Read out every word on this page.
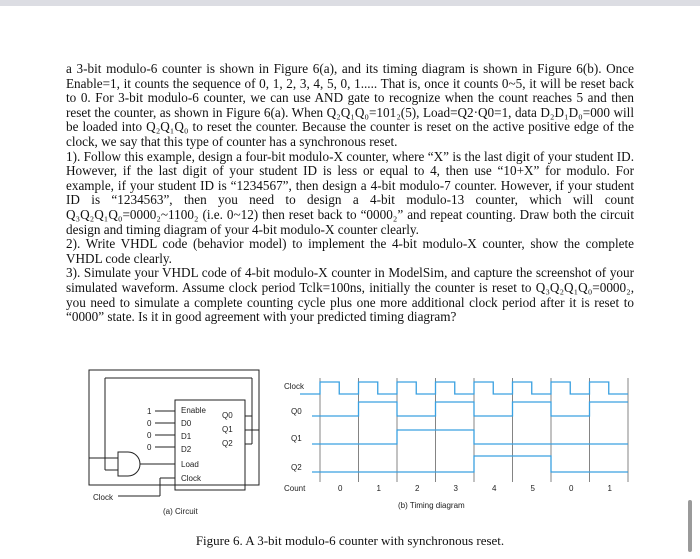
a 3-bit modulo-6 counter is shown in Figure 6(a), and its timing diagram is shown in Figure 6(b). Once Enable=1, it counts the sequence of 0, 1, 2, 3, 4, 5, 0, 1..... That is, once it counts 0~5, it will be reset back to 0. For 3-bit modulo-6 counter, we can use AND gate to recognize when the count reaches 5 and then reset the counter, as shown in Figure 6(a). When Q₂Q₁Q₀=101₂(5), Load=Q2·Q0=1, data D₂D₁D₀=000 will be loaded into Q₂Q₁Q₀ to reset the counter. Because the counter is reset on the active positive edge of the clock, we say that this type of counter has a synchronous reset.

1). Follow this example, design a four-bit modulo-X counter, where “X” is the last digit of your student ID. However, if the last digit of your student ID is less or equal to 4, then use “10+X” for modulo. For example, if your student ID is “1234567”, then design a 4-bit modulo-7 counter. However, if your student ID is “1234563”, then you need to design a 4-bit modulo-13 counter, which will count Q₃Q₂Q₁Q₀=0000₂~1100₂ (i.e. 0~12) then reset back to “0000₂” and repeat counting. Draw both the circuit design and timing diagram of your 4-bit modulo-X counter clearly.

2). Write VHDL code (behavior model) to implement the 4-bit modulo-X counter, show the complete VHDL code clearly.

3). Simulate your VHDL code of 4-bit modulo-X counter in ModelSim, and capture the screenshot of your simulated waveform. Assume clock period Tclk=100ns, initially the counter is reset to Q₃Q₂Q₁Q₀=0000₂, you need to simulate a complete counting cycle plus one more additional clock period after it is reset to “0000” state. Is it in good agreement with your predicted timing diagram?

Enable
D0
D1
D2
Load
Clock
Q0
Q1
Q2
1
0
0
0
Clock
(a) Circuit
Clock
Q0
Q1
Q2
Count	0	1	2	3	4	5	0	1
(b) Timing diagram
Figure 6. A 3-bit modulo-6 counter with synchronous reset.
